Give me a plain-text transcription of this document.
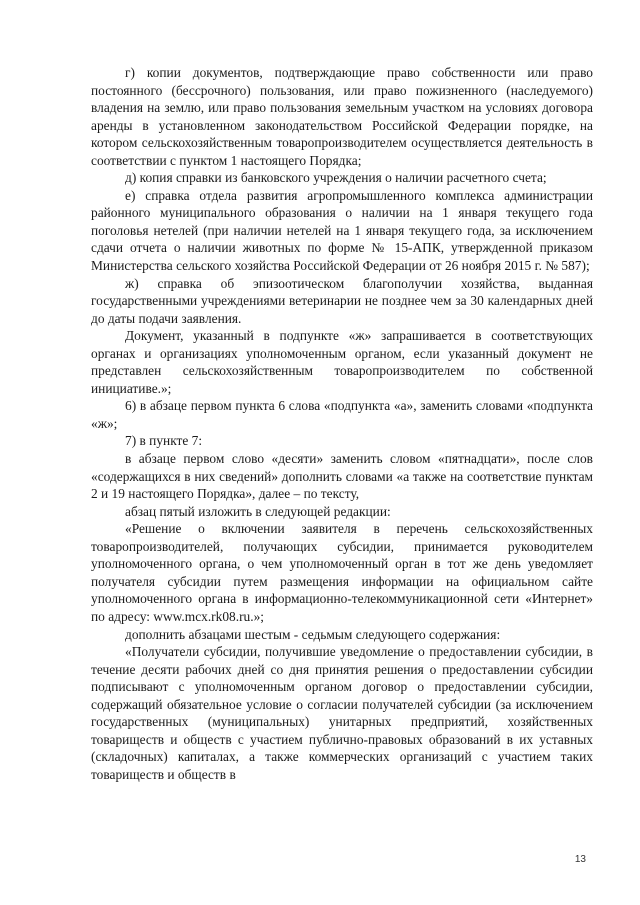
г) копии документов, подтверждающие право собственности или право постоянного (бессрочного) пользования, или право пожизненного (наследуемого) владения на землю, или право пользования земельным участком на условиях договора аренды в установленном законодательством Российской Федерации порядке, на котором сельскохозяйственным товаропроизводителем осуществляется деятельность в соответствии с пунктом 1 настоящего Порядка;

д) копия справки из банковского учреждения о наличии расчетного счета;

е) справка отдела развития агропромышленного комплекса администрации районного муниципального образования о наличии на 1 января текущего года поголовья нетелей (при наличии нетелей на 1 января текущего года, за исключением сдачи отчета о наличии животных по форме № 15-АПК, утвержденной приказом Министерства сельского хозяйства Российской Федерации от 26 ноября 2015 г. № 587);

ж) справка об эпизоотическом благополучии хозяйства, выданная государственными учреждениями ветеринарии не позднее чем за 30 календарных дней до даты подачи заявления.

Документ, указанный в подпункте «ж» запрашивается в соответствующих органах и организациях уполномоченным органом, если указанный документ не представлен сельскохозяйственным товаропроизводителем по собственной инициативе.»;

6) в абзаце первом пункта 6 слова «подпункта «а», заменить словами «подпункта «ж»;

7) в пункте 7:

в абзаце первом слово «десяти» заменить словом «пятнадцати», после слов «содержащихся в них сведений» дополнить словами «а также на соответствие пунктам 2 и 19 настоящего Порядка», далее – по тексту,

абзац пятый изложить в следующей редакции:

«Решение о включении заявителя в перечень сельскохозяйственных товаропроизводителей, получающих субсидии, принимается руководителем уполномоченного органа, о чем уполномоченный орган в тот же день уведомляет получателя субсидии путем размещения информации на официальном сайте уполномоченного органа в информационно-телекоммуникационной сети «Интернет» по адресу: www.mcx.rk08.ru.»;

дополнить абзацами шестым - седьмым следующего содержания:

«Получатели субсидии, получившие уведомление о предоставлении субсидии, в течение десяти рабочих дней со дня принятия решения о предоставлении субсидии подписывают с уполномоченным органом договор о предоставлении субсидии, содержащий обязательное условие о согласии получателей субсидии (за исключением государственных (муниципальных) унитарных предприятий, хозяйственных товариществ и обществ с участием публично-правовых образований в их уставных (складочных) капиталах, а также коммерческих организаций с участием таких товариществ и обществ в

13
